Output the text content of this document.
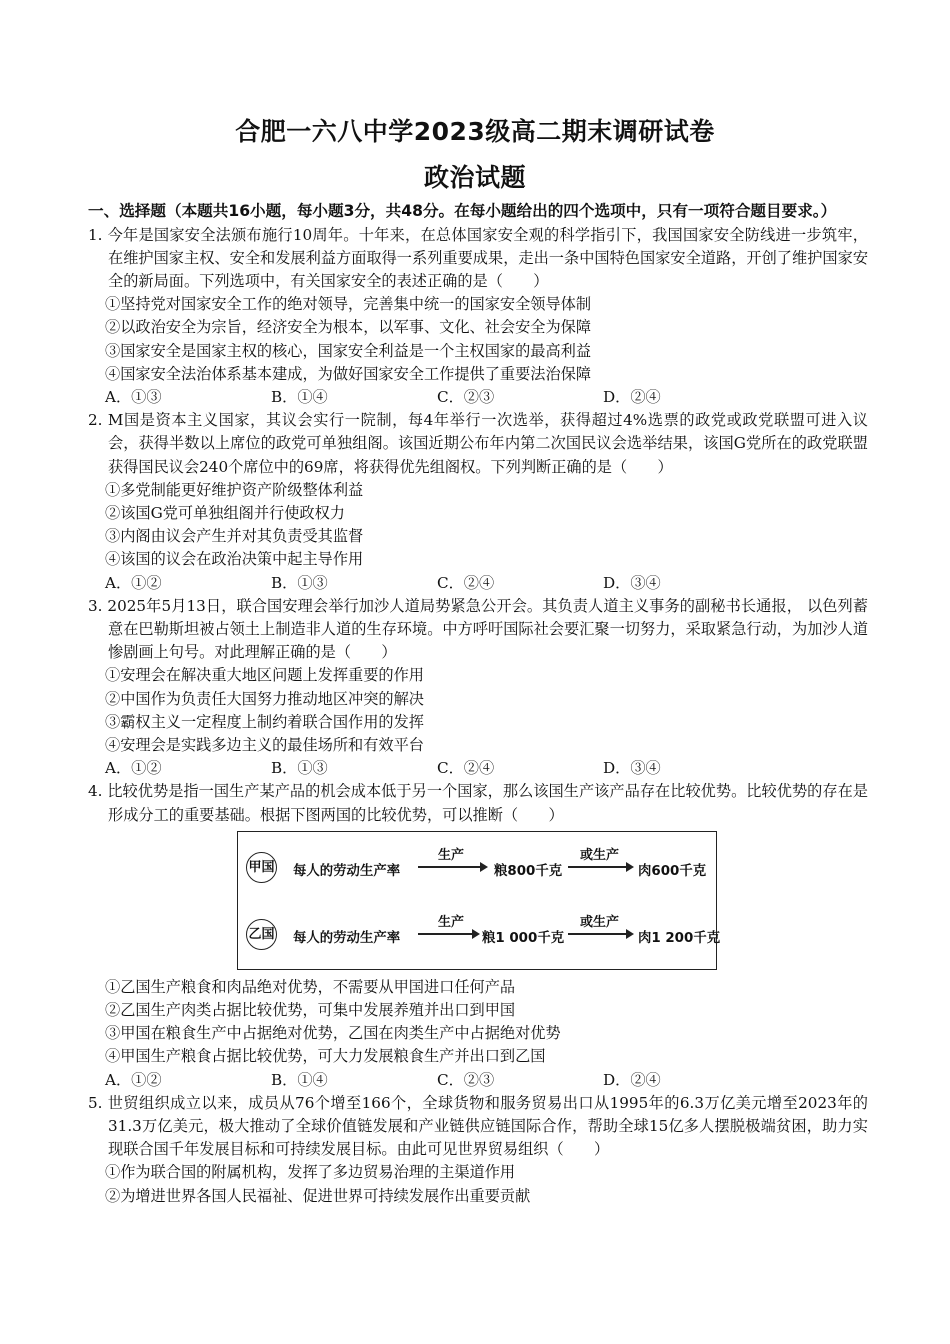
合肥一六八中学2023级高二期末调研试卷
政治试题
一、选择题（本题共16小题，每小题3分，共48分。在每小题给出的四个选项中，只有一项符合题目要求。）
1. 今年是国家安全法颁布施行10周年。十年来，在总体国家安全观的科学指引下，我国国家安全防线进一步筑牢，在维护国家主权、安全和发展利益方面取得一系列重要成果，走出一条中国特色国家安全道路，开创了维护国家安全的新局面。下列选项中，有关国家安全的表述正确的是（　　）
①坚持党对国家安全工作的绝对领导，完善集中统一的国家安全领导体制
②以政治安全为宗旨，经济安全为根本，以军事、文化、社会安全为保障
③国家安全是国家主权的核心，国家安全利益是一个主权国家的最高利益
④国家安全法治体系基本建成，为做好国家安全工作提供了重要法治保障
A．①③	B．①④	C．②③	D．②④
2. M国是资本主义国家，其议会实行一院制，每4年举行一次选举，获得超过4%选票的政党或政党联盟可进入议会，获得半数以上席位的政党可单独组阁。该国近期公布年内第二次国民议会选举结果，该国G党所在的政党联盟获得国民议会240个席位中的69席，将获得优先组阁权。下列判断正确的是（　　）
①多党制能更好维护资产阶级整体利益
②该国G党可单独组阁并行使政权力
③内阁由议会产生并对其负责受其监督
④该国的议会在政治决策中起主导作用
A．①②	B．①③	C．②④	D．③④
3. 2025年5月13日，联合国安理会举行加沙人道局势紧急公开会。其负责人道主义事务的副秘书长通报， 以色列蓄意在巴勒斯坦被占领土上制造非人道的生存环境。中方呼吁国际社会要汇聚一切努力，采取紧急行动，为加沙人道惨剧画上句号。对此理解正确的是（　　）
①安理会在解决重大地区问题上发挥重要的作用
②中国作为负责任大国努力推动地区冲突的解决
③霸权主义一定程度上制约着联合国作用的发挥
④安理会是实践多边主义的最佳场所和有效平台
A．①②	B．①③	C．②④	D．③④
4. 比较优势是指一国生产某产品的机会成本低于另一个国家，那么该国生产该产品存在比较优势。比较优势的存在是形成分工的重要基础。根据下图两国的比较优势，可以推断（　　）
甲国 每人的劳动生产率
生产
粮800千克
或生产
肉600千克
乙国 每人的劳动生产率
生产
粮1 000千克
或生产
肉1 200千克
①乙国生产粮食和肉品绝对优势，不需要从甲国进口任何产品
②乙国生产肉类占据比较优势，可集中发展养殖并出口到甲国
③甲国在粮食生产中占据绝对优势，乙国在肉类生产中占据绝对优势
④甲国生产粮食占据比较优势，可大力发展粮食生产并出口到乙国
A．①②	B．①④	C．②③	D．②④
5. 世贸组织成立以来，成员从76个增至166个，全球货物和服务贸易出口从1995年的6.3万亿美元增至2023年的31.3万亿美元，极大推动了全球价值链发展和产业链供应链国际合作，帮助全球15亿多人摆脱极端贫困，助力实现联合国千年发展目标和可持续发展目标。由此可见世界贸易组织（　　）
①作为联合国的附属机构，发挥了多边贸易治理的主渠道作用
②为增进世界各国人民福祉、促进世界可持续发展作出重要贡献
